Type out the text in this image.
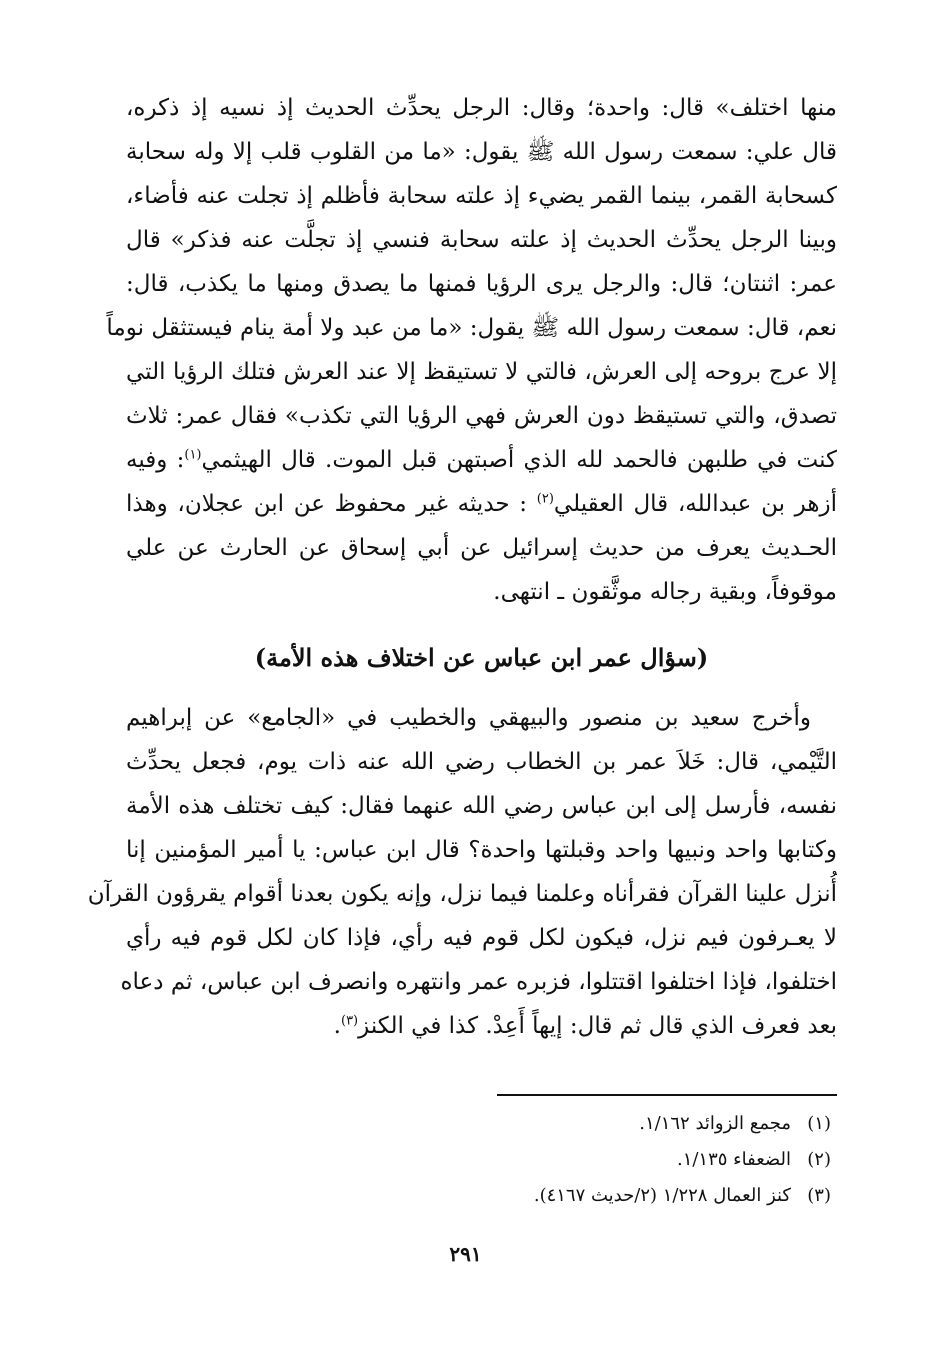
منها اختلف» قال: واحدة؛ وقال: الرجل يحدِّث الحديث إذ نسيه إذ ذكره،
قال علي: سمعت رسول الله ﷺ يقول: «ما من القلوب قلب إلا وله سحابة
كسحابة القمر، بينما القمر يضيء إذ علته سحابة فأظلم إذ تجلت عنه فأضاء،
وبينا الرجل يحدِّث الحديث إذ علته سحابة فنسي إذ تجلَّت عنه فذكر» قال
عمر: اثنتان؛ قال: والرجل يرى الرؤيا فمنها ما يصدق ومنها ما يكذب، قال:
نعم، قال: سمعت رسول الله ﷺ يقول: «ما من عبد ولا أمة ينام فيستثقل نوماً
إلا عرج بروحه إلى العرش، فالتي لا تستيقظ إلا عند العرش فتلك الرؤيا التي
تصدق، والتي تستيقظ دون العرش فهي الرؤيا التي تكذب» فقال عمر: ثلاث
كنت في طلبهن فالحمد لله الذي أصبتهن قبل الموت. قال الهيثمي$^{(١)}$: وفيه
أزهر بن عبدالله، قال العقيلي$^{(٢)}$ : حديثه غير محفوظ عن ابن عجلان، وهذا
الحـديث يعرف من حديث إسرائيل عن أبي إسحاق عن الحارث عن علي
موقوفاً، وبقية رجاله موثَّقون ـ انتهى.
(سؤال عمر ابن عباس عن اختلاف هذه الأمة)
وأخرج سعيد بن منصور والبيهقي والخطيب في «الجامع» عن إبراهيم
التَّيْمي، قال: خَلاَ عمر بن الخطاب رضي الله عنه ذات يوم، فجعل يحدِّث
نفسه، فأرسل إلى ابن عباس رضي الله عنهما فقال: كيف تختلف هذه الأمة
وكتابها واحد ونبيها واحد وقبلتها واحدة؟ قال ابن عباس: يا أمير المؤمنين إنا
أُنزل علينا القرآن فقرأناه وعلمنا فيما نزل، وإنه يكون بعدنا أقوام يقرؤون القرآن
لا يعـرفون فيم نزل، فيكون لكل قوم فيه رأي، فإذا كان لكل قوم فيه رأي
اختلفوا، فإذا اختلفوا اقتتلوا، فزبره عمر وانتهره وانصرف ابن عباس، ثم دعاه
بعد فعرف الذي قال ثم قال: إيهاً أَعِدْ. كذا في الكنز$^{(٣)}$.
(١)مجمع الزوائد ١/١٦٢.
(٢)الضعفاء ١/١٣٥.
(٣)كنز العمال ١/٢٢٨ (٢/حديث ٤١٦٧).
٢٩١
